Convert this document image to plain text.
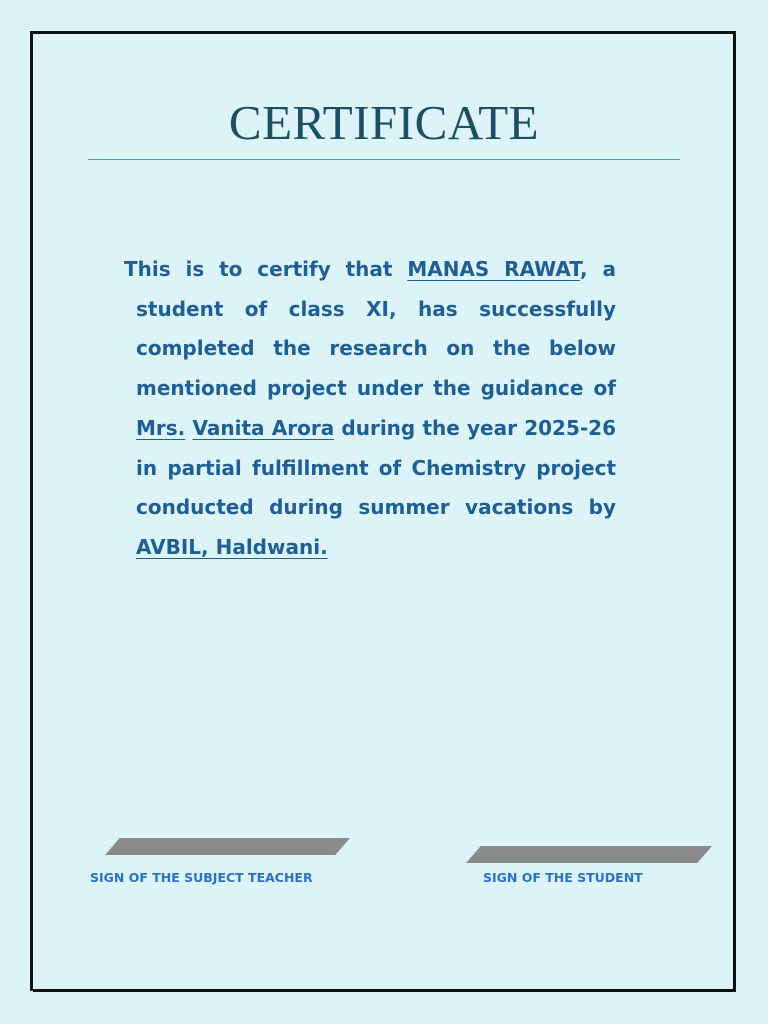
CERTIFICATE
This is to certify that MANAS RAWAT, a student of class XI, has successfully completed the research on the below mentioned project under the guidance of Mrs. Vanita Arora during the year 2025-26 in partial fulfillment of Chemistry project conducted during summer vacations by AVBIL, Haldwani.
SIGN OF THE SUBJECT TEACHER	SIGN OF THE STUDENT
